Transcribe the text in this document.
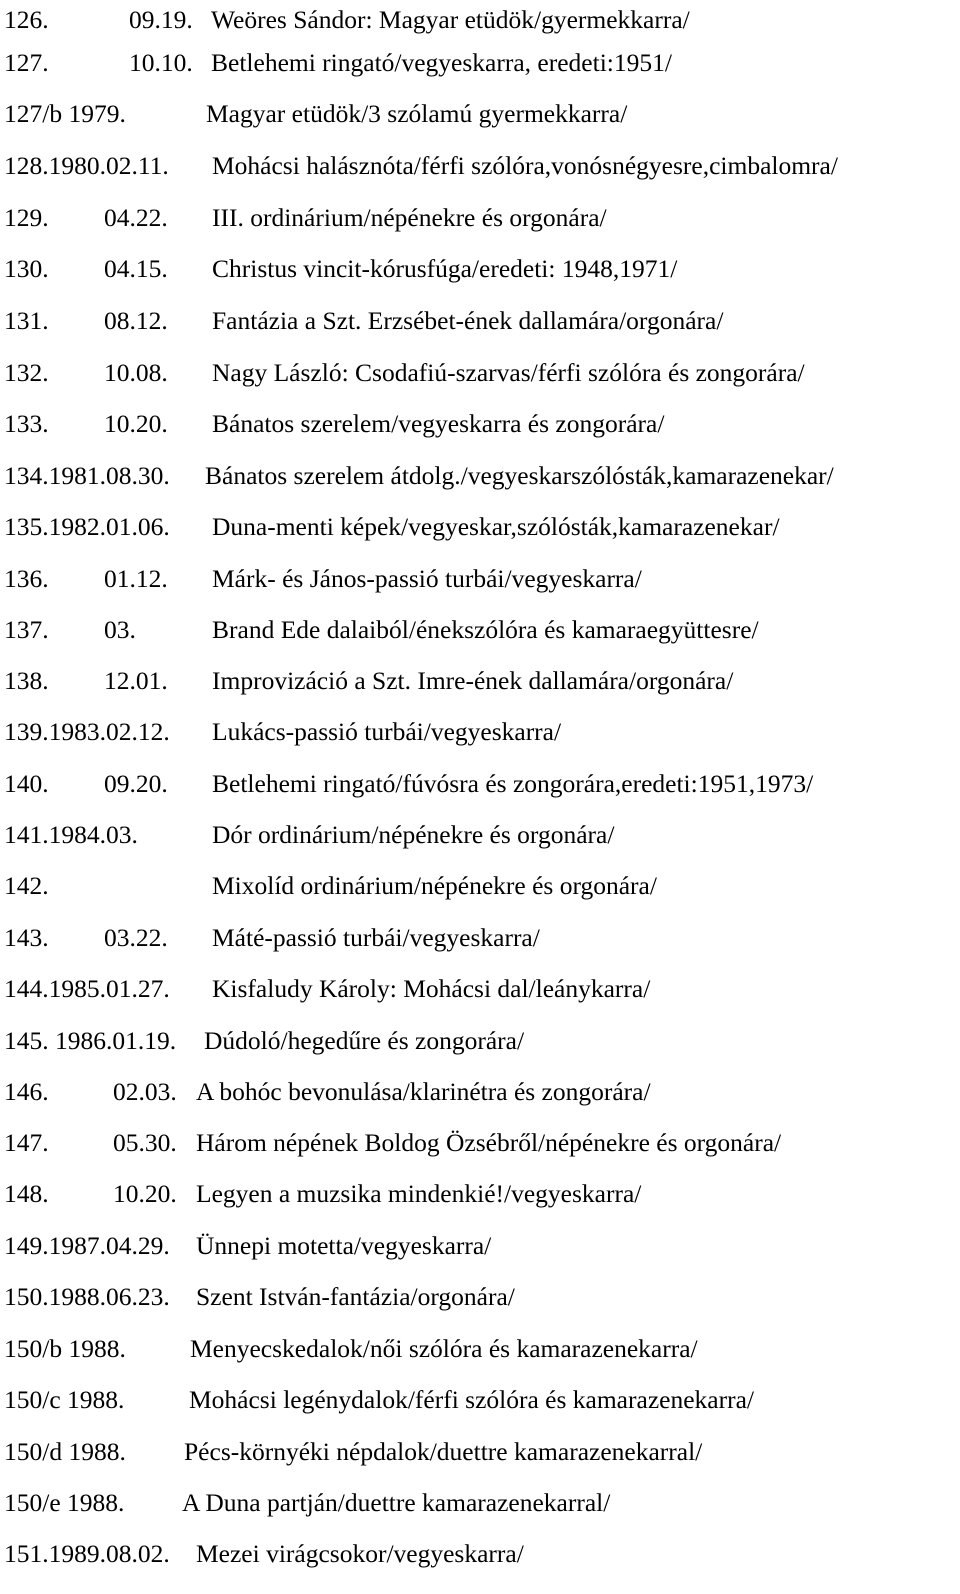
126.	09.19. Weöres Sándor: Magyar etüdök/gyermekkarra/
127.	10.10. Betlehemi ringató/vegyeskarra, eredeti:1951/
127/b 1979.	Magyar etüdök/3 szólamú gyermekkarra/
128.1980.02.11. Mohácsi halásznóta/férfi szólóra,vonósnégyesre,cimbalomra/
129. 04.22. III. ordinárium/népénekre és orgonára/
130. 04.15. Christus vincit-kórusfúga/eredeti: 1948,1971/
131. 08.12. Fantázia a Szt. Erzsébet-ének dallamára/orgonára/
132. 10.08. Nagy László: Csodafiú-szarvas/férfi szólóra és zongorára/
133. 10.20. Bánatos szerelem/vegyeskarra és zongorára/
134.1981.08.30. Bánatos szerelem átdolg./vegyeskarszólósták,kamarazenekar/
135.1982.01.06. Duna-menti képek/vegyeskar,szólósták,kamarazenekar/
136. 01.12. Márk- és János-passió turbái/vegyeskarra/
137. 03.	Brand Ede dalaiból/énekszólóra és kamaraegyüttesre/
138. 12.01. Improvizáció a Szt. Imre-ének dallamára/orgonára/
139.1983.02.12. Lukács-passió turbái/vegyeskarra/
140. 09.20. Betlehemi ringató/fúvósra és zongorára,eredeti:1951,1973/
141.1984.03.	Dór ordinárium/népénekre és orgonára/
142.	Mixolíd ordinárium/népénekre és orgonára/
143. 03.22. Máté-passió turbái/vegyeskarra/
144.1985.01.27. Kisfaludy Károly: Mohácsi dal/leánykarra/
145. 1986.01.19. Dúdoló/hegedűre és zongorára/
146.	02.03. A bohóc bevonulása/klarinétra és zongorára/
147.	05.30. Három népének Boldog Özsébről/népénekre és orgonára/
148.	10.20. Legyen a muzsika mindenkié!/vegyeskarra/
149.1987.04.29. Ünnepi motetta/vegyeskarra/
150.1988.06.23. Szent István-fantázia/orgonára/
150/b 1988.	Menyecskedalok/női szólóra és kamarazenekarra/
150/c 1988.	Mohácsi legénydalok/férfi szólóra és kamarazenekarra/
150/d 1988. Pécs-környéki népdalok/duettre kamarazenekarral/
150/e 1988. A Duna partján/duettre kamarazenekarral/
151.1989.08.02. Mezei virágcsokor/vegyeskarra/
